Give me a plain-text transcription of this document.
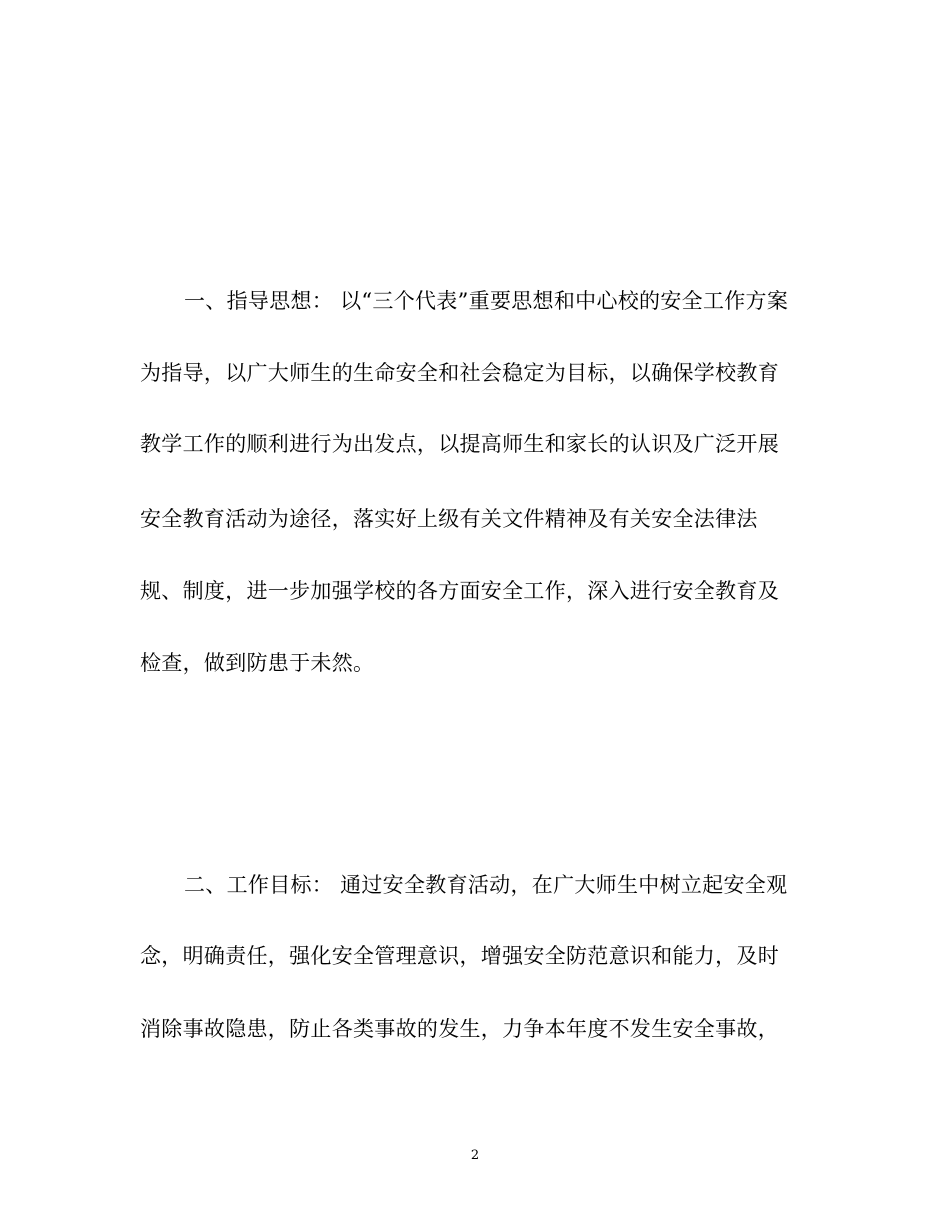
一、指导思想： 以“三个代表”重要思想和中心校的安全工作方案
为指导，以广大师生的生命安全和社会稳定为目标，以确保学校教育
教学工作的顺利进行为出发点，以提高师生和家长的认识及广泛开展
安全教育活动为途径，落实好上级有关文件精神及有关安全法律法
规、制度，进一步加强学校的各方面安全工作，深入进行安全教育及
检查，做到防患于未然。
二、工作目标： 通过安全教育活动，在广大师生中树立起安全观
念，明确责任，强化安全管理意识，增强安全防范意识和能力，及时
消除事故隐患，防止各类事故的发生，力争本年度不发生安全事故，
2
